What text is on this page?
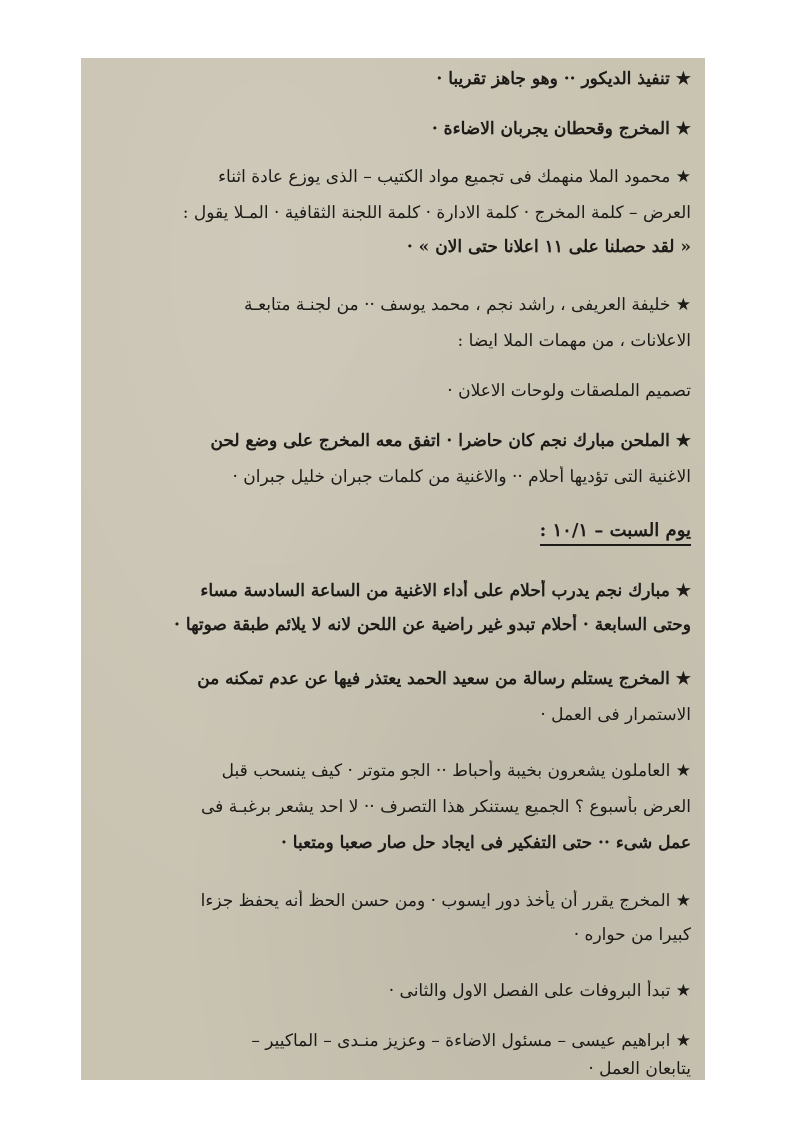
★ تنفيذ الديكور ·· وهو جاهز تقريبا ·
★ المخرج وقحطان يجربان الاضاءة ·
★ محمود الملا منهمك فى تجميع مواد الكتيب – الذى يوزع عادة اثناء
العرض – كلمة المخرج · كلمة الادارة · كلمة اللجنة الثقافية · المـلا يقول :
« لقد حصلنا على ١١ اعلانا حتى الان » ·
★ خليفة العريفى ، راشد نجم ، محمد يوسف ·· من لجنـة متابعـة
الاعلانات ، من مهمات الملا ايضا :
تصميم الملصقات ولوحات الاعلان ·
★ الملحن مبارك نجم كان حاضرا · اتفق معه المخرج على وضع لحن
الاغنية التى تؤديها أحلام ·· والاغنية من كلمات جبران خليل جبران ·
يوم السبت – ١٠/١ :
★ مبارك نجم يدرب أحلام على أداء الاغنية من الساعة السادسة مساء
وحتى السابعة · أحلام تبدو غير راضية عن اللحن لانه لا يلائم طبقة صوتها ·
★ المخرج يستلم رسالة من سعيد الحمد يعتذر فيها عن عدم تمكنه من
الاستمرار فى العمل ·
★ العاملون يشعرون بخيبة وأحباط ·· الجو متوتر · كيف ينسحب قبل
العرض بأسبوع ؟ الجميع يستنكر هذا التصرف ·· لا احد يشعر برغبـة فى
عمل شىء ·· حتى التفكير فى ايجاد حل صار صعبا ومتعبا ·
★ المخرج يقرر أن يأخذ دور ايسوب · ومن حسن الحظ أنه يحفظ جزءا
كبيرا من حواره ·
★ تبدأ البروفات على الفصل الاول والثانى ·
★ ابراهيم عيسى – مسئول الاضاءة – وعزيز منـدى – الماكيير –
يتابعان العمل ·
